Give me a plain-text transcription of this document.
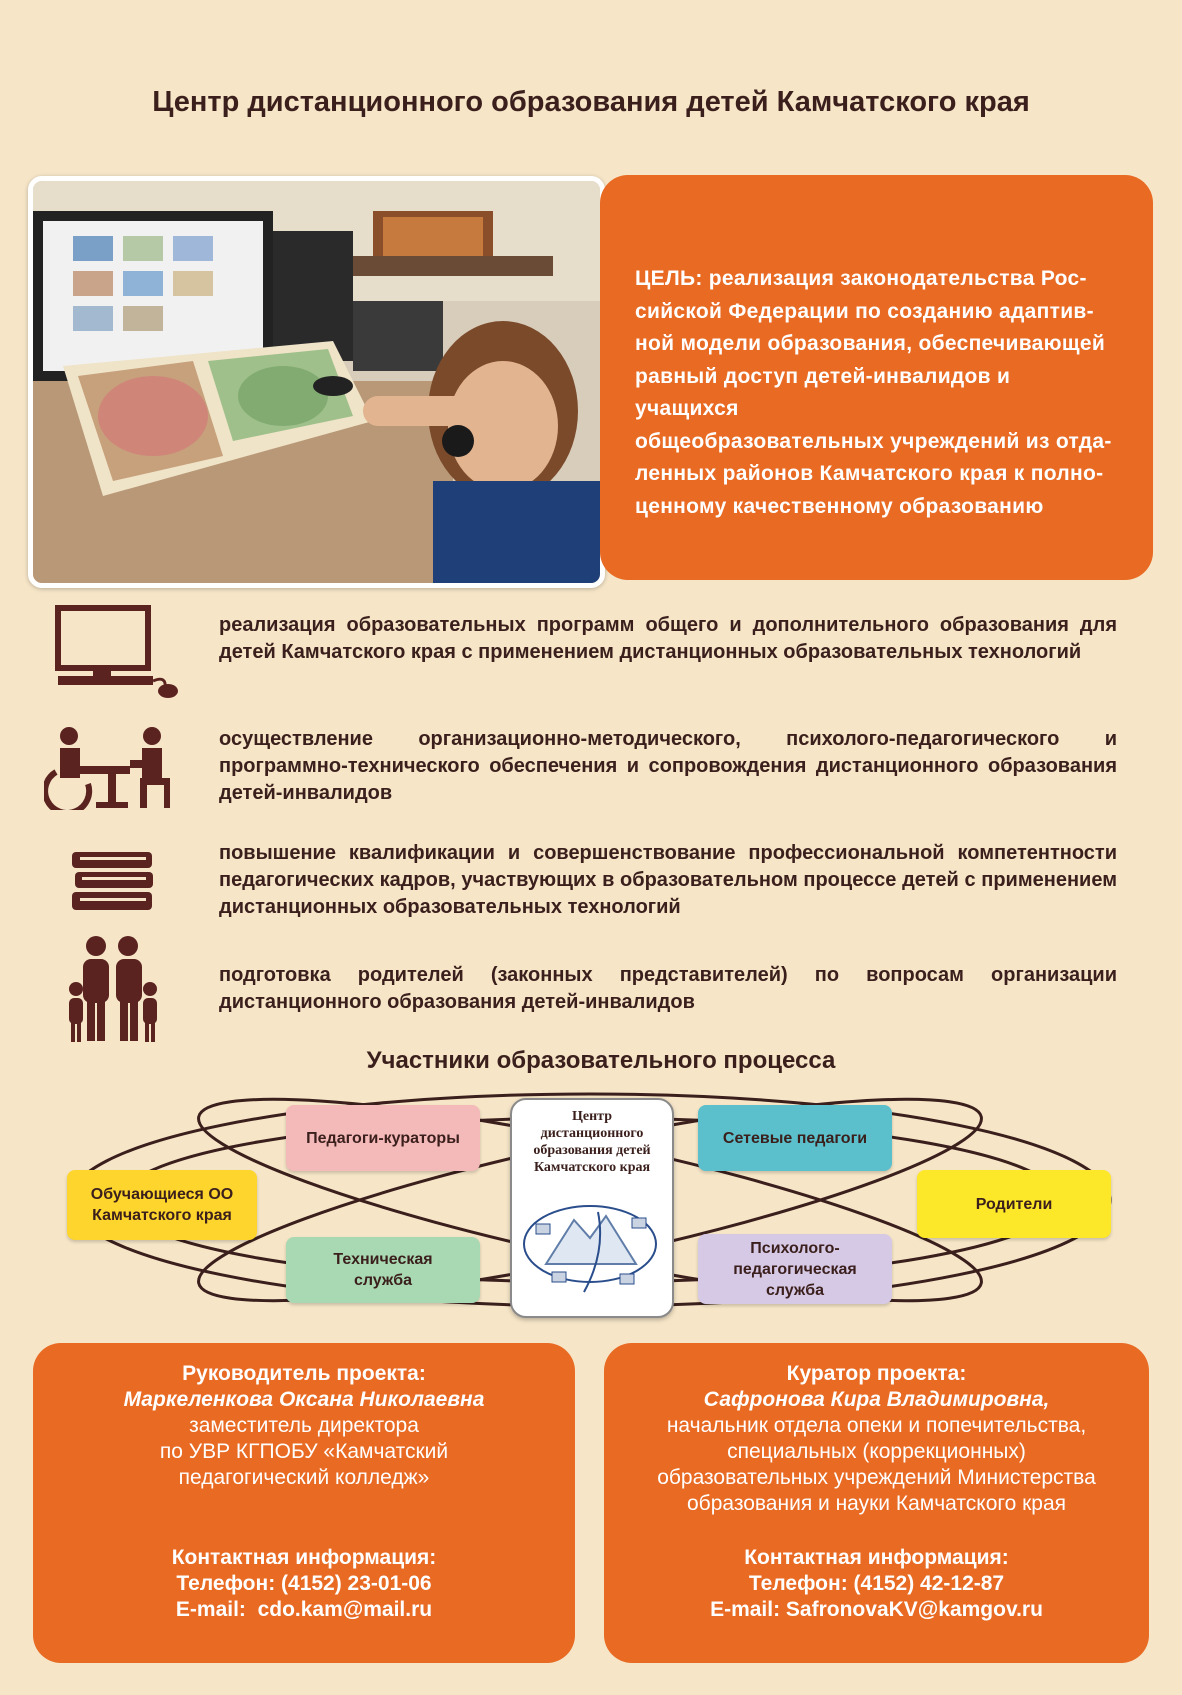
Центр дистанционного образования детей Камчатского края
ЦЕЛЬ: реализация законодательства Рос-
сийской Федерации по созданию адаптив-
ной модели образования, обеспечивающей
равный доступ детей-инвалидов и учащихся
общеобразовательных учреждений из отда-
ленных районов Камчатского края к полно-
ценному качественному образованию
реализация образовательных программ общего и дополнительного образования для детей Камчатского края с применением дистанционных образовательных технологий
осуществление организационно-методического, психолого-педагогического и программно-технического обеспечения и сопровождения дистанционного образования детей-инвалидов
повышение квалификации и совершенствование профессиональной компетентности педагогических кадров, участвующих в образовательном процессе детей с применением дистанционных образовательных технологий
подготовка родителей (законных представителей) по вопросам организации дистанционного образования детей-инвалидов
Участники образовательного процесса
Обучающиеся ОО
Камчатского края
Педагоги-кураторы
Техническая
служба
Сетевые педагоги
Психолого-
педагогическая
служба
Родители
Центр
дистанционного
образования детей
Камчатского края
Руководитель проекта:
Маркеленкова Оксана Николаевна
заместитель директора
по УВР КГПОБУ «Камчатский
педагогический колледж»
Контактная информация:
Телефон: (4152) 23-01-06
E-mail:  cdo.kam@mail.ru
Куратор проекта:
Сафронова Кира Владимировна,
начальник отдела опеки и попечительства,
специальных (коррекционных)
образовательных учреждений Министерства
образования и науки Камчатского края
Контактная информация:
Телефон: (4152) 42-12-87
E-mail: SafronovaKV@kamgov.ru
